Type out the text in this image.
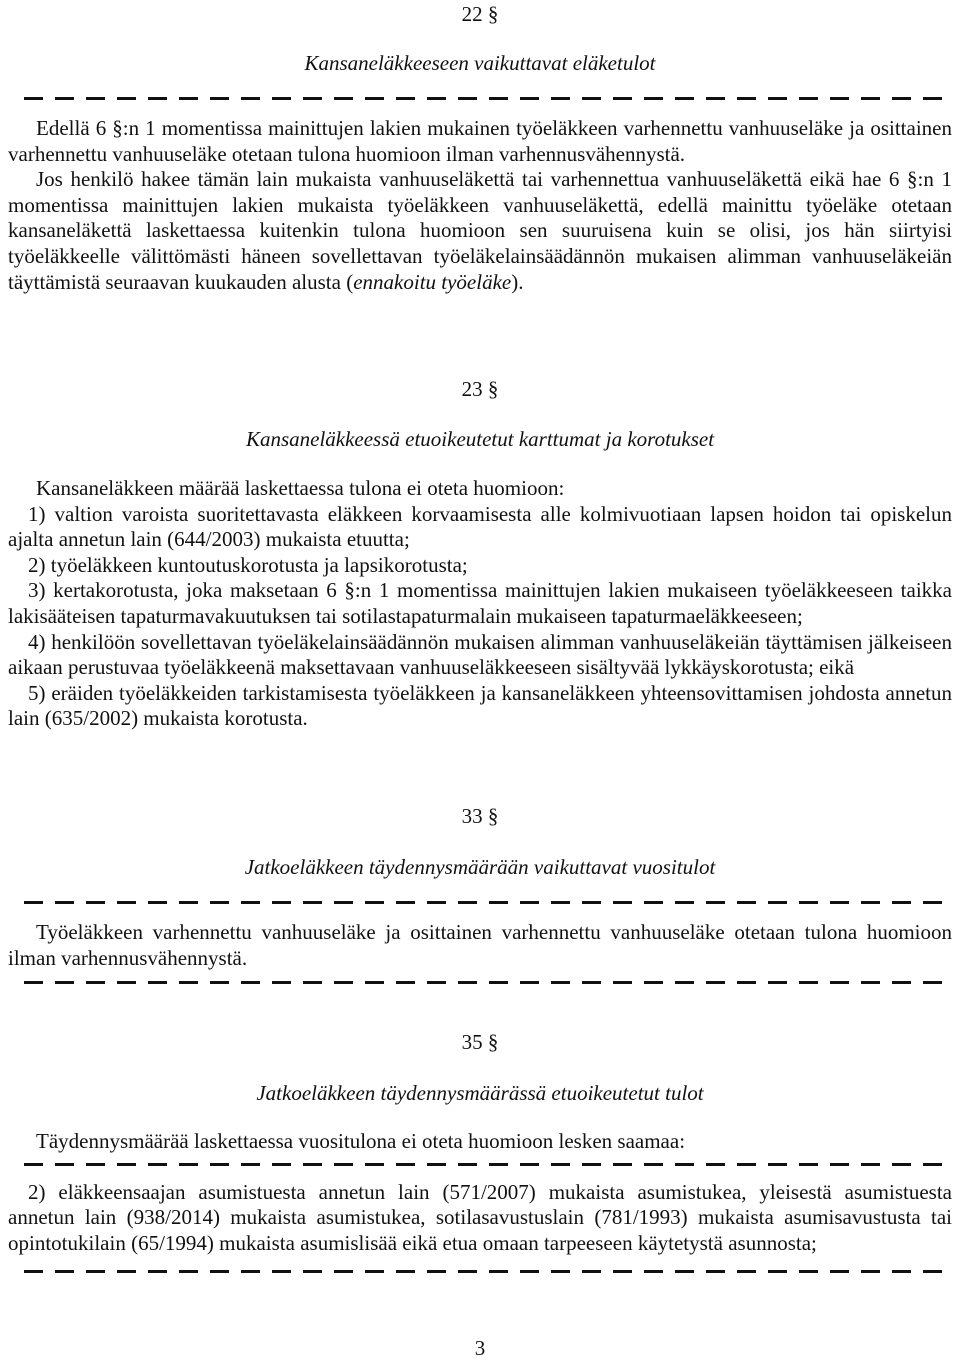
22 §
Kansaneläkkeeseen vaikuttavat eläketulot

Edellä 6 §:n 1 momentissa mainittujen lakien mukainen työeläkkeen varhennettu vanhuuseläke ja osittainen varhennettu vanhuuseläke otetaan tulona huomioon ilman varhennusvähennystä.

Jos henkilö hakee tämän lain mukaista vanhuuseläkettä tai varhennettua vanhuuseläkettä eikä hae 6 §:n 1 momentissa mainittujen lakien mukaista työeläkkeen vanhuuseläkettä, edellä mainittu työeläke otetaan kansaneläkettä laskettaessa kuitenkin tulona huomioon sen suuruisena kuin se olisi, jos hän siirtyisi työeläkkeelle välittömästi häneen sovellettavan työeläkelainsäädännön mukaisen alimman vanhuuseläkeiän täyttämistä seuraavan kuukauden alusta (ennakoitu työeläke).

23 §
Kansaneläkkeessä etuoikeutetut karttumat ja korotukset

Kansaneläkkeen määrää laskettaessa tulona ei oteta huomioon:

1) valtion varoista suoritettavasta eläkkeen korvaamisesta alle kolmivuotiaan lapsen hoidon tai opiskelun ajalta annetun lain (644/2003) mukaista etuutta;

2) työeläkkeen kuntoutuskorotusta ja lapsikorotusta;

3) kertakorotusta, joka maksetaan 6 §:n 1 momentissa mainittujen lakien mukaiseen työeläkkeeseen taikka lakisääteisen tapaturmavakuutuksen tai sotilastapaturmalain mukaiseen tapaturmaeläkkeeseen;

4) henkilöön sovellettavan työeläkelainsäädännön mukaisen alimman vanhuuseläkeiän täyttämisen jälkeiseen aikaan perustuvaa työeläkkeenä maksettavaan vanhuuseläkkeeseen sisältyvää lykkäyskorotusta; eikä

5) eräiden työeläkkeiden tarkistamisesta työeläkkeen ja kansaneläkkeen yhteensovittamisen johdosta annetun lain (635/2002) mukaista korotusta.

33 §
Jatkoeläkkeen täydennysmäärään vaikuttavat vuositulot

Työeläkkeen varhennettu vanhuuseläke ja osittainen varhennettu vanhuuseläke otetaan tulona huomioon ilman varhennusvähennystä.

35 §
Jatkoeläkkeen täydennysmäärässä etuoikeutetut tulot

Täydennysmäärää laskettaessa vuositulona ei oteta huomioon lesken saamaa:

2) eläkkeensaajan asumistuesta annetun lain (571/2007) mukaista asumistukea, yleisestä asumistuesta annetun lain (938/2014) mukaista asumistukea, sotilasavustuslain (781/1993) mukaista asumisavustusta tai opintotukilain (65/1994) mukaista asumislisää eikä etua omaan tarpeeseen käytetystä asunnosta;

3
